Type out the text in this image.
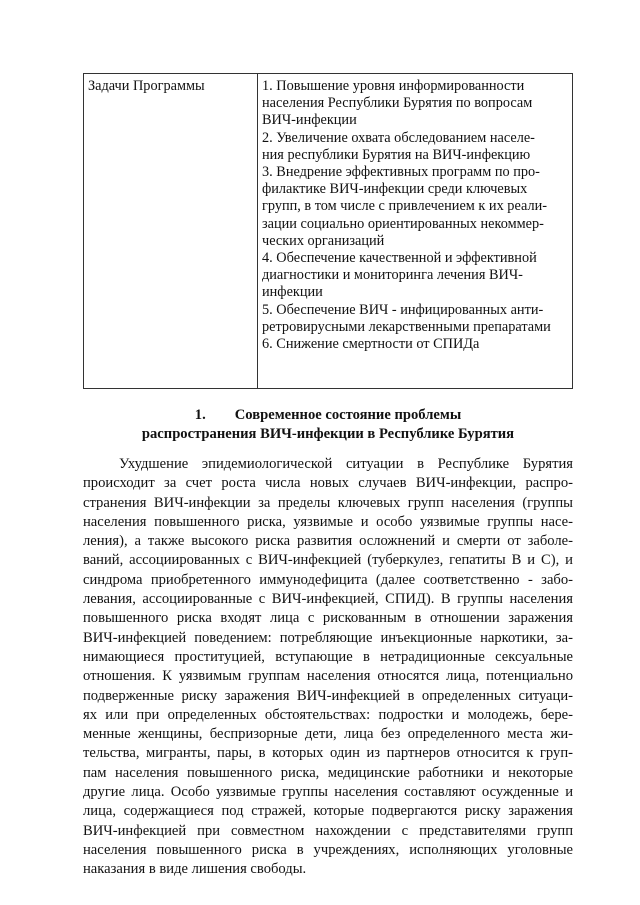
Задачи Программы	1. Повышение уровня информированности
населения Республики Бурятия по вопросам
ВИЧ-инфекции
2. Увеличение охвата обследованием населе-
ния республики Бурятия на ВИЧ-инфекцию
3. Внедрение эффективных программ по про-
филактике ВИЧ-инфекции среди ключевых
групп, в том числе с привлечением к их реали-
зации социально ориентированных некоммер-
ческих организаций
4. Обеспечение качественной и эффективной
диагностики и мониторинга лечения ВИЧ-
инфекции
5. Обеспечение ВИЧ - инфицированных анти-
ретровирусными лекарственными препаратами
6. Снижение смертности от СПИДа
1. Современное состояние проблемы
распространения ВИЧ-инфекции в Республике Бурятия
Ухудшение эпидемиологической ситуации в Республике Бурятия
происходит за счет роста числа новых случаев ВИЧ-инфекции, распро-
странения ВИЧ-инфекции за пределы ключевых групп населения (группы
населения повышенного риска, уязвимые и особо уязвимые группы насе-
ления), а также высокого риска развития осложнений и смерти от заболе-
ваний, ассоциированных с ВИЧ-инфекцией (туберкулез, гепатиты В и С), и
синдрома приобретенного иммунодефицита (далее соответственно - забо-
левания, ассоциированные с ВИЧ-инфекцией, СПИД). В группы населения
повышенного риска входят лица с рискованным в отношении заражения
ВИЧ-инфекцией поведением: потребляющие инъекционные наркотики, за-
нимающиеся проституцией, вступающие в нетрадиционные сексуальные
отношения. К уязвимым группам населения относятся лица, потенциально
подверженные риску заражения ВИЧ-инфекцией в определенных ситуаци-
ях или при определенных обстоятельствах: подростки и молодежь, бере-
менные женщины, беспризорные дети, лица без определенного места жи-
тельства, мигранты, пары, в которых один из партнеров относится к груп-
пам населения повышенного риска, медицинские работники и некоторые
другие лица. Особо уязвимые группы населения составляют осужденные и
лица, содержащиеся под стражей, которые подвергаются риску заражения
ВИЧ-инфекцией при совместном нахождении с представителями групп
населения повышенного риска в учреждениях, исполняющих уголовные
наказания в виде лишения свободы.
